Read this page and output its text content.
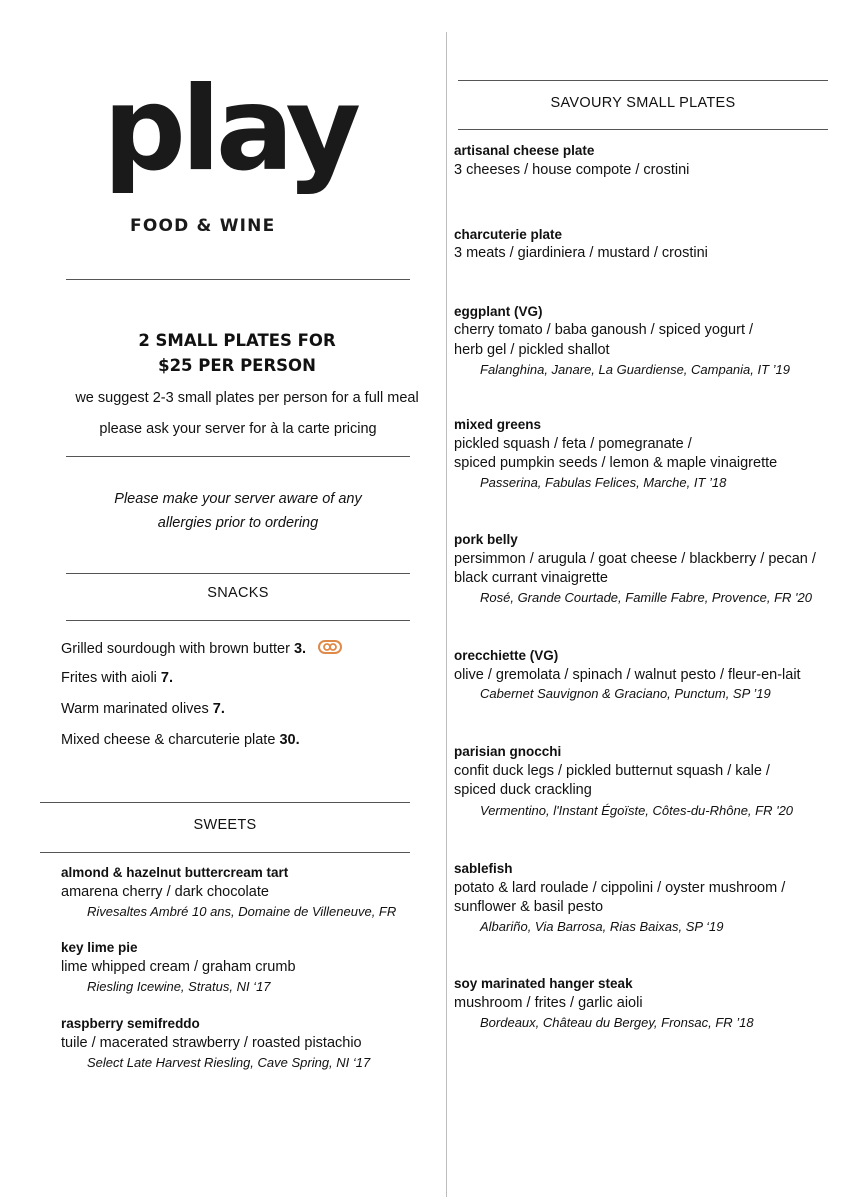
play
FOOD & WINE
2 SMALL PLATES FOR
$25 PER PERSON
we suggest 2-3 small plates per person for a full meal
please ask your server for à la carte pricing
Please make your server aware of any
allergies prior to ordering
SNACKS
Grilled sourdough with brown butter 3.
Frites with aioli 7.
Warm marinated olives 7.
Mixed cheese & charcuterie plate 30.
SWEETS
almond & hazelnut buttercream tart
amarena cherry / dark chocolate
Rivesaltes Ambré 10 ans, Domaine de Villeneuve, FR
key lime pie
lime whipped cream / graham crumb
Riesling Icewine, Stratus, NI ‘17
raspberry semifreddo
tuile / macerated strawberry / roasted pistachio
Select Late Harvest Riesling, Cave Spring, NI ‘17
SAVOURY SMALL PLATES
artisanal cheese plate
3 cheeses / house compote / crostini
charcuterie plate
3 meats / giardiniera / mustard / crostini
eggplant (VG)
cherry tomato / baba ganoush / spiced yogurt /
herb gel / pickled shallot
Falanghina, Janare, La Guardiense, Campania, IT ’19
mixed greens
pickled squash / feta / pomegranate /
spiced pumpkin seeds / lemon & maple vinaigrette
Passerina, Fabulas Felices, Marche, IT ’18
pork belly
persimmon / arugula / goat cheese / blackberry / pecan /
black currant vinaigrette
Rosé, Grande Courtade, Famille Fabre, Provence, FR '20
orecchiette (VG)
olive / gremolata / spinach / walnut pesto / fleur-en-lait
Cabernet Sauvignon & Graciano, Punctum, SP ’19
parisian gnocchi
confit duck legs / pickled butternut squash / kale /
spiced duck crackling
Vermentino, l'Instant Égoïste, Côtes-du-Rhône, FR '20
sablefish
potato & lard roulade / cippolini / oyster mushroom /
sunflower & basil pesto
Albariño, Via Barrosa, Rias Baixas, SP ‘19
soy marinated hanger steak
mushroom / frites / garlic aioli
Bordeaux, Château du Bergey, Fronsac, FR ’18
